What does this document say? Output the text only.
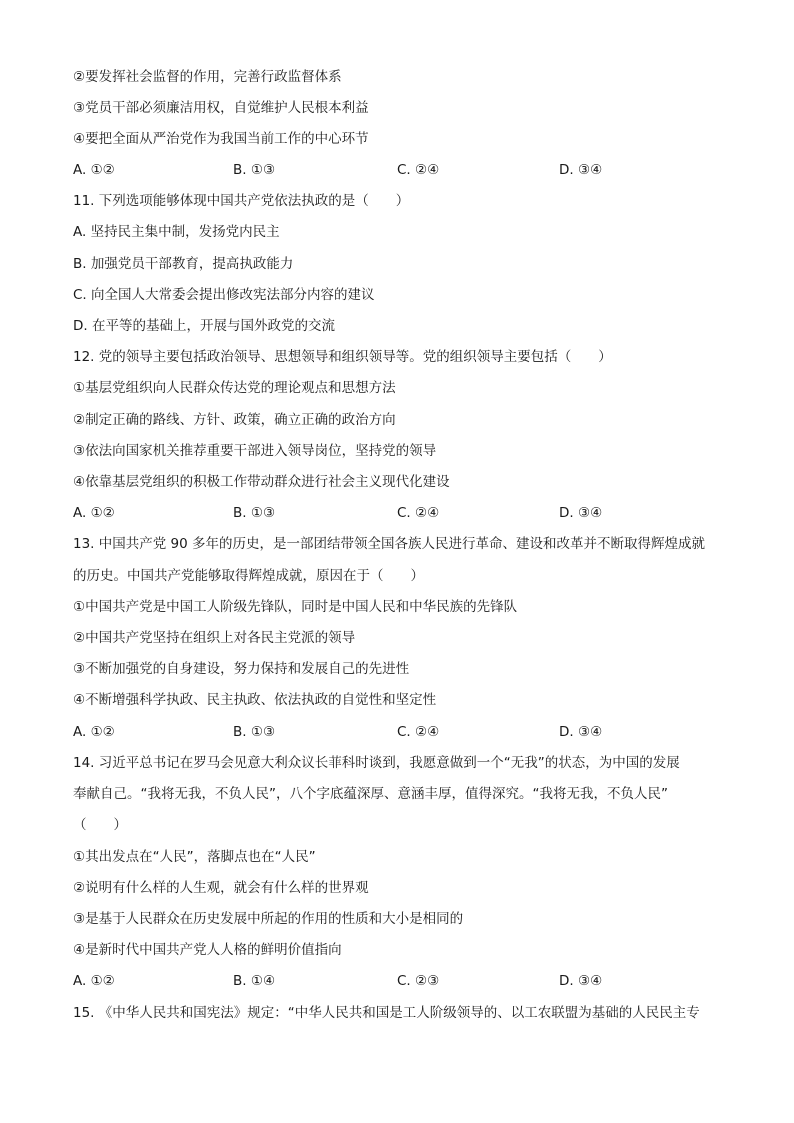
②要发挥社会监督的作用，完善行政监督体系
③党员干部必须廉洁用权，自觉维护人民根本利益
④要把全面从严治党作为我国当前工作的中心环节
A. ①②	B. ①③	C. ②④	D. ③④
11. 下列选项能够体现中国共产党依法执政的是（　　）
A. 坚持民主集中制，发扬党内民主
B. 加强党员干部教育，提高执政能力
C. 向全国人大常委会提出修改宪法部分内容的建议
D. 在平等的基础上，开展与国外政党的交流
12. 党的领导主要包括政治领导、思想领导和组织领导等。党的组织领导主要包括（　　）
①基层党组织向人民群众传达党的理论观点和思想方法
②制定正确的路线、方针、政策，确立正确的政治方向
③依法向国家机关推荐重要干部进入领导岗位，坚持党的领导
④依靠基层党组织的积极工作带动群众进行社会主义现代化建设
A. ①②	B. ①③	C. ②④	D. ③④
13. 中国共产党 90 多年的历史，是一部团结带领全国各族人民进行革命、建设和改革并不断取得辉煌成就
的历史。中国共产党能够取得辉煌成就，原因在于（　　）
①中国共产党是中国工人阶级先锋队，同时是中国人民和中华民族的先锋队
②中国共产党坚持在组织上对各民主党派的领导
③不断加强党的自身建设，努力保持和发展自己的先进性
④不断增强科学执政、民主执政、依法执政的自觉性和坚定性
A. ①②	B. ①③	C. ②④	D. ③④
14. 习近平总书记在罗马会见意大利众议长菲科时谈到，我愿意做到一个“无我”的状态，为中国的发展
奉献自己。“我将无我，不负人民”，八个字底蕴深厚、意涵丰厚，值得深究。“我将无我，不负人民”
（　　）
①其出发点在“人民”，落脚点也在“人民”
②说明有什么样的人生观，就会有什么样的世界观
③是基于人民群众在历史发展中所起的作用的性质和大小是相同的
④是新时代中国共产党人人格的鲜明价值指向
A. ①②	B. ①④	C. ②③	D. ③④
15. 《中华人民共和国宪法》规定：“中华人民共和国是工人阶级领导的、以工农联盟为基础的人民民主专
